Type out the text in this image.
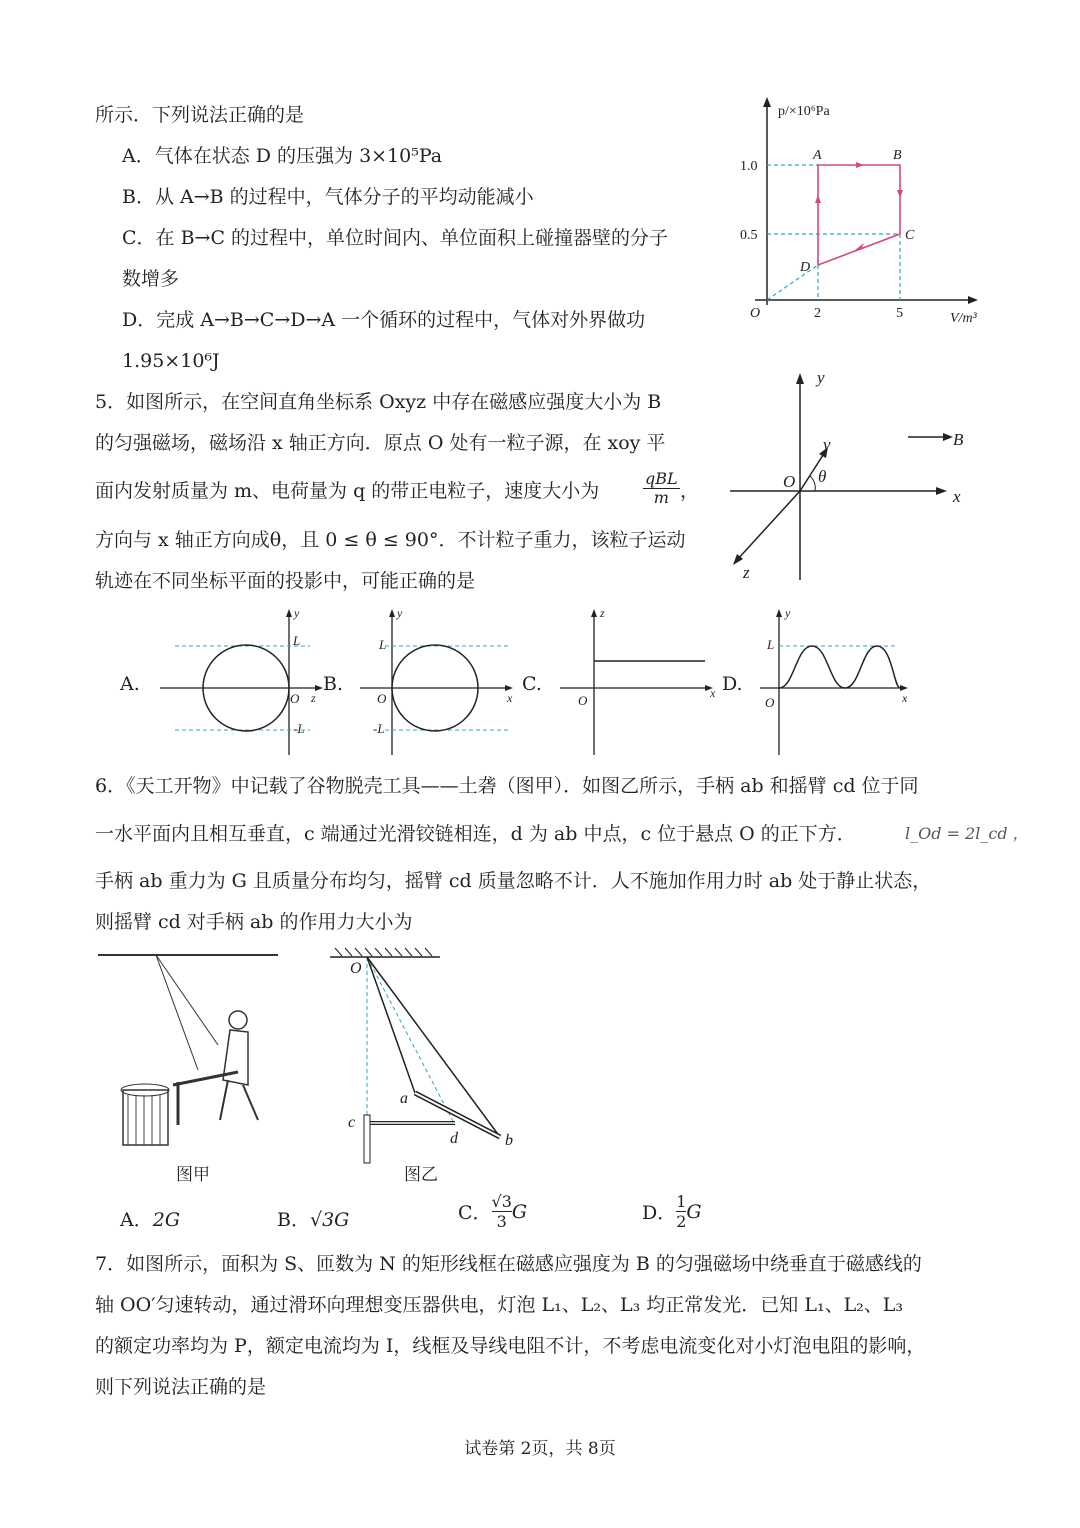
所示．下列说法正确的是
A．气体在状态 D 的压强为 3×10⁵Pa
B．从 A→B 的过程中，气体分子的平均动能减小
C．在 B→C 的过程中，单位时间内、单位面积上碰撞器壁的分子
数增多
D．完成 A→B→C→D→A 一个循环的过程中，气体对外界做功
1.95×10⁶J
p/×10⁶Pa
V/m³
O
1.0
0.5
2	5
A	B
C
D
5．如图所示，在空间直角坐标系 Oxyz 中存在磁感应强度大小为 B
的匀强磁场，磁场沿 x 轴正方向．原点 O 处有一粒子源，在 xoy 平
面内发射质量为 m、电荷量为 q 的带正电粒子，速度大小为
qBL
m ，
方向与 x 轴正方向成θ，且 0 ≤ θ ≤ 90°．不计粒子重力，该粒子运动
轨迹在不同坐标平面的投影中，可能正确的是
y
x
z
O
v
θ
B
A.
y
z
O
L
-L
B.
y
x
O
L
-L
C.
z
x
O
D.
y
x
O
L
6．《天工开物》中记载了谷物脱壳工具——土砻（图甲）．如图乙所示，手柄 ab 和摇臂 cd 位于同
一水平面内且相互垂直，c 端通过光滑铰链相连，d 为 ab 中点，c 位于悬点 O 的正下方．	l_Od = 2l_cd ，
手柄 ab 重力为 G 且质量分布均匀，摇臂 cd 质量忽略不计．人不施加作用力时 ab 处于静止状态，
则摇臂 cd 对手柄 ab 的作用力大小为
图甲
O
a
b
c
d
图乙
A．2G	B．√3G	C． $\frac{√3}{3}$ G	D． $\frac{1}{2}$ G
7．如图所示，面积为 S、匝数为 N 的矩形线框在磁感应强度为 B 的匀强磁场中绕垂直于磁感线的
轴 OO′匀速转动，通过滑环向理想变压器供电，灯泡 L₁、L₂、L₃ 均正常发光．已知 L₁、L₂、L₃
的额定功率均为 P，额定电流均为 I，线框及导线电阻不计，不考虑电流变化对小灯泡电阻的影响，
则下列说法正确的是
试卷第 2页，共 8页
